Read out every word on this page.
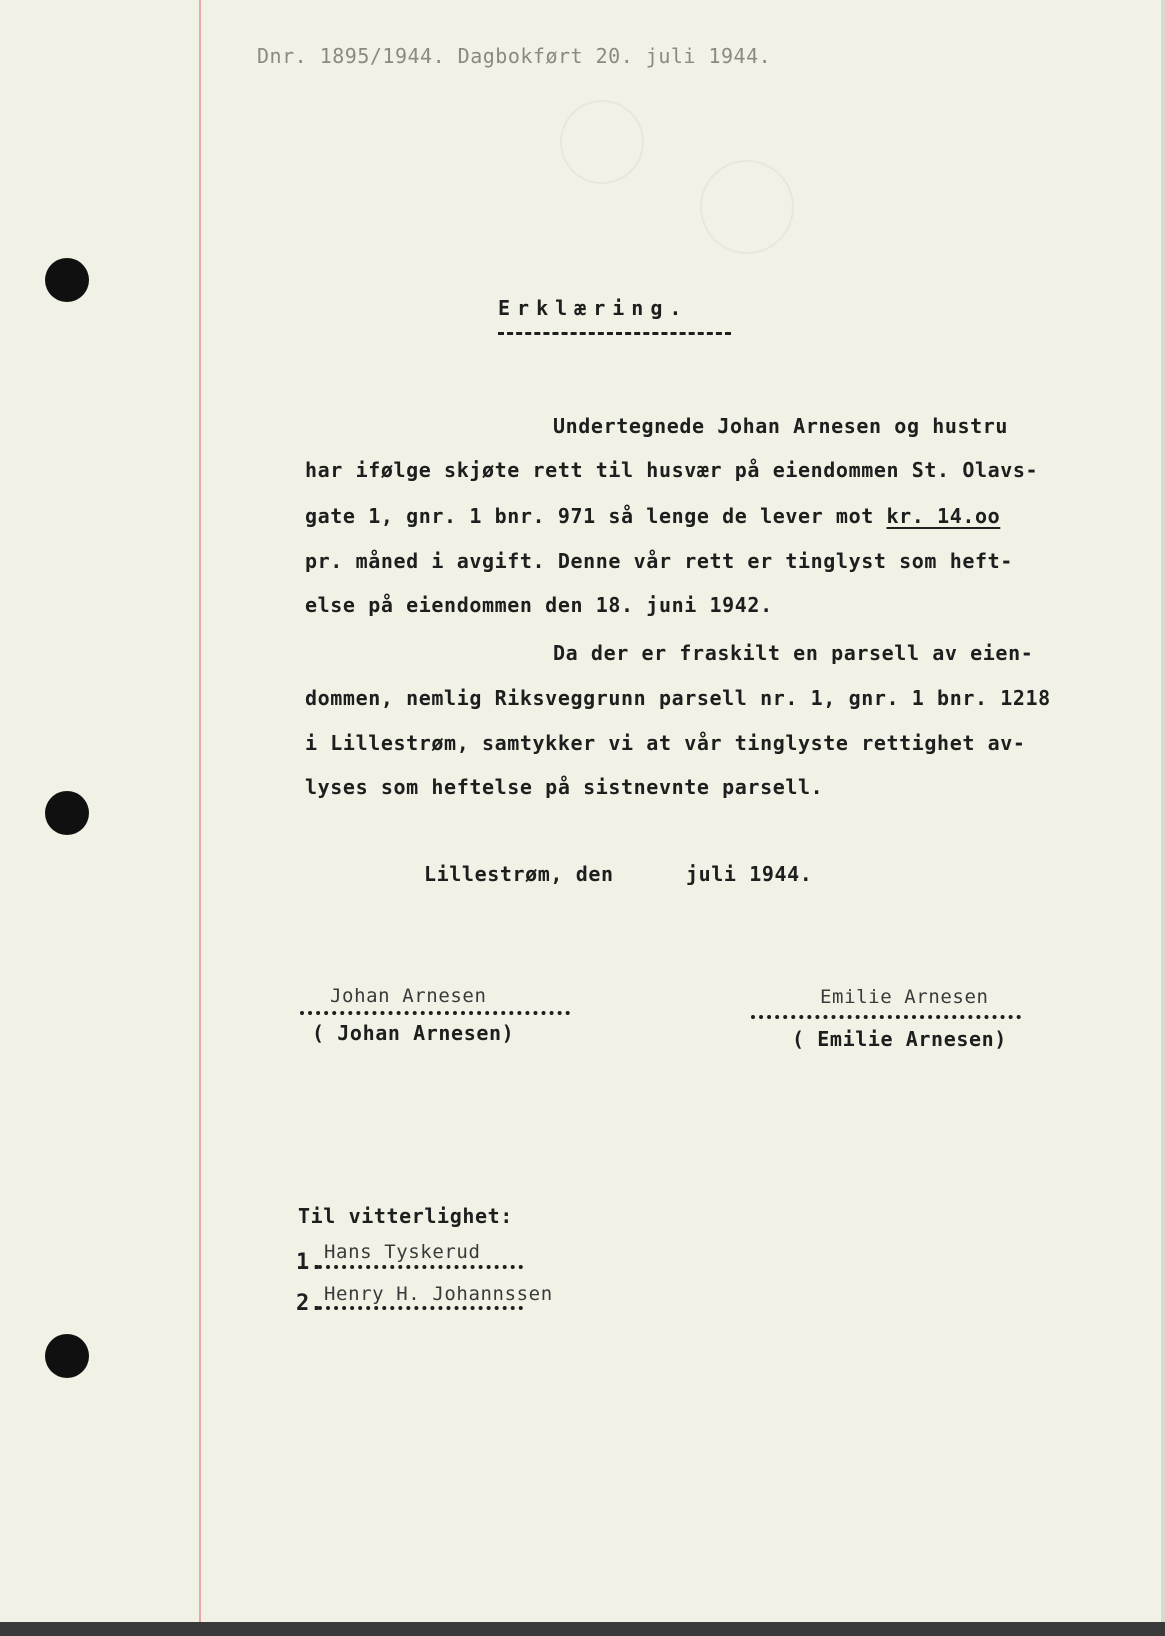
Dnr. 1895/1944. Dagbokført 20. juli 1944.
Erklæring.
Undertegnede Johan Arnesen og hustru
har ifølge skjøte rett til husvær på eiendommen St. Olavs-
gate 1, gnr. 1 bnr. 971 så lenge de lever mot kr. 14.oo
pr. måned i avgift. Denne vår rett er tinglyst som heft-
else på eiendommen den 18. juni 1942.
Da der er fraskilt en parsell av eien-
dommen, nemlig Riksveggrunn parsell nr. 1, gnr. 1 bnr. 1218
i Lillestrøm, samtykker vi at vår tinglyste rettighet av-
lyses som heftelse på sistnevnte parsell.
Lillestrøm, den	juli 1944.
Johan Arnesen
( Johan Arnesen)
Emilie Arnesen
( Emilie Arnesen)
Til vitterlighet:
1. Hans Tyskerud
2. Henry H. Johannssen
